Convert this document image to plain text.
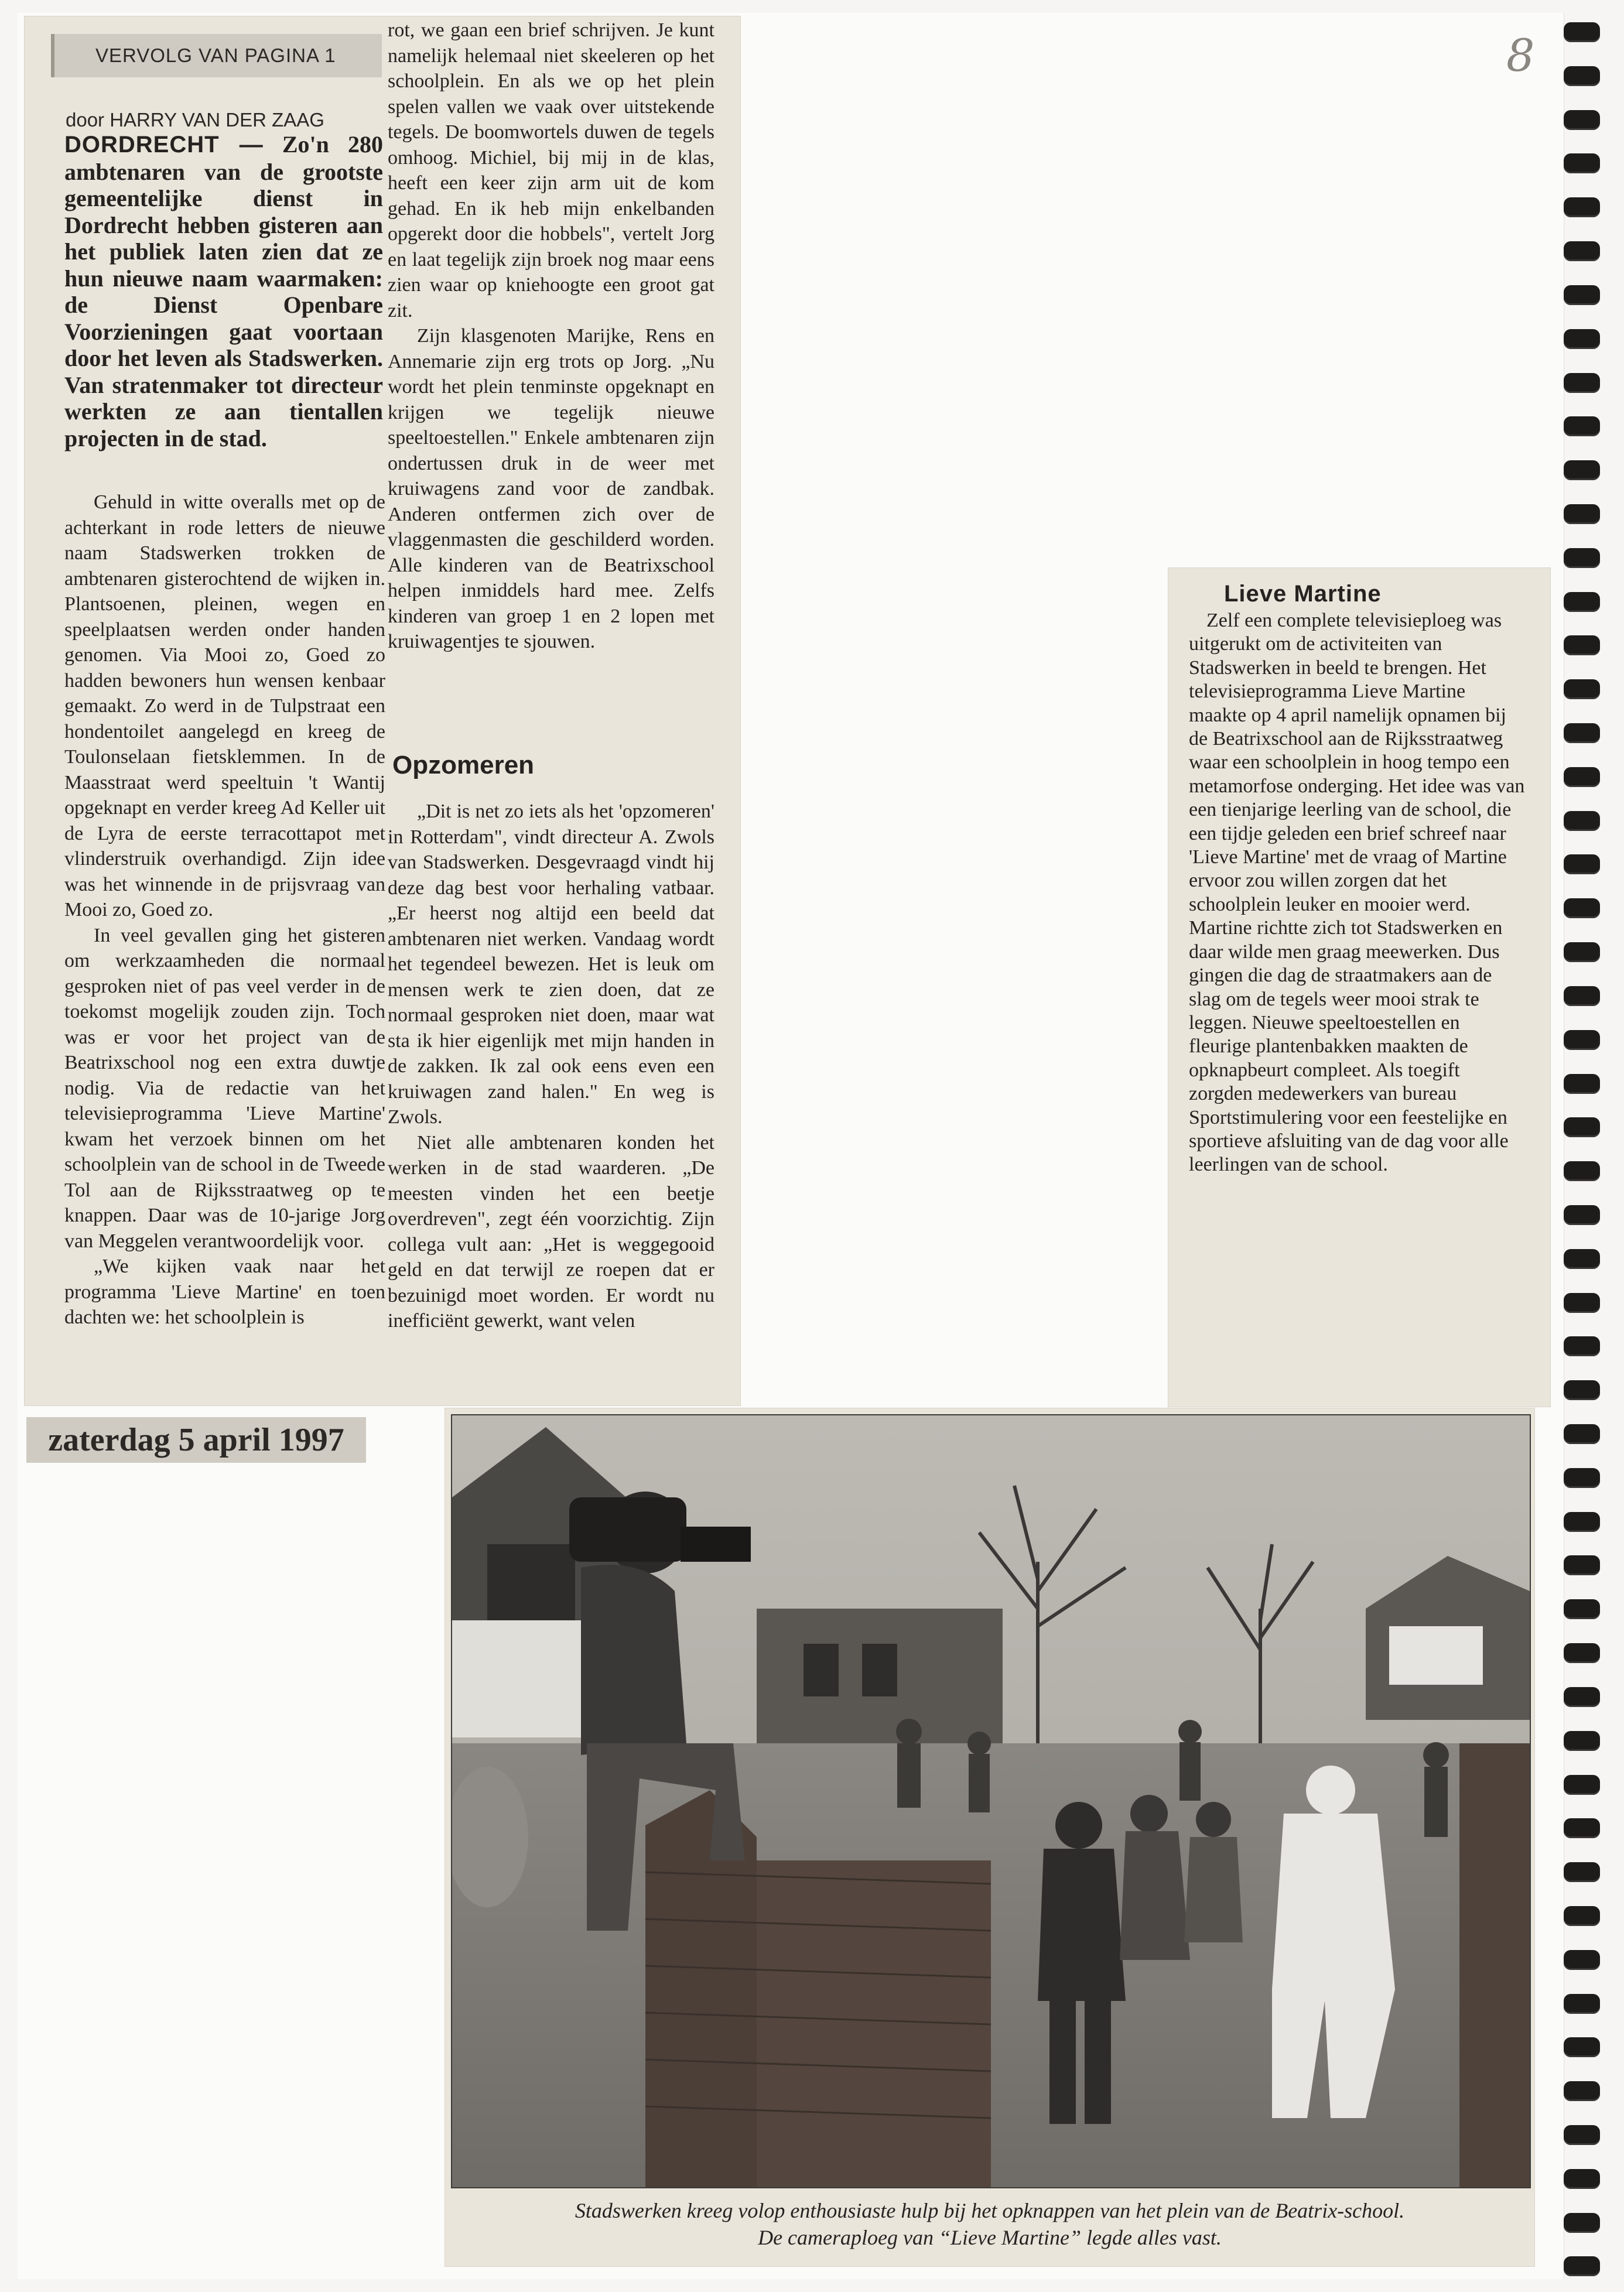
8
VERVOLG VAN PAGINA 1
door HARRY VAN DER ZAAG
DORDRECHT — Zo'n 280 ambtenaren van de grootste gemeentelijke dienst in Dordrecht hebben gisteren aan het publiek laten zien dat ze hun nieuwe naam waarmaken: de Dienst Openbare Voorzieningen gaat voortaan door het leven als Stadswerken. Van stratenmaker tot directeur werkten ze aan tientallen projecten in de stad.

Gehuld in witte overalls met op de achterkant in rode letters de nieuwe naam Stadswerken trokken de ambtenaren gisterochtend de wijken in. Plantsoenen, pleinen, wegen en speelplaatsen werden onder handen genomen. Via Mooi zo, Goed zo hadden bewoners hun wensen kenbaar gemaakt. Zo werd in de Tulpstraat een hondentoilet aangelegd en kreeg de Toulonselaan fietsklemmen. In de Maasstraat werd speeltuin 't Wantij opgeknapt en verder kreeg Ad Keller uit de Lyra de eerste terracottapot met vlinderstruik overhandigd. Zijn idee was het winnende in de prijsvraag van Mooi zo, Goed zo.

In veel gevallen ging het gisteren om werkzaamheden die normaal gesproken niet of pas veel verder in de toekomst mogelijk zouden zijn. Toch was er voor het project van de Beatrixschool nog een extra duwtje nodig. Via de redactie van het televisieprogramma 'Lieve Martine' kwam het verzoek binnen om het schoolplein van de school in de Tweede Tol aan de Rijksstraatweg op te knappen. Daar was de 10-jarige Jorg van Meggelen verantwoordelijk voor.

„We kijken vaak naar het programma 'Lieve Martine' en toen dachten we: het schoolplein is

rot, we gaan een brief schrijven. Je kunt namelijk helemaal niet skeeleren op het schoolplein. En als we op het plein spelen vallen we vaak over uitstekende tegels. De boomwortels duwen de tegels omhoog. Michiel, bij mij in de klas, heeft een keer zijn arm uit de kom gehad. En ik heb mijn enkelbanden opgerekt door die hobbels", vertelt Jorg en laat tegelijk zijn broek nog maar eens zien waar op kniehoogte een groot gat zit.

Zijn klasgenoten Marijke, Rens en Annemarie zijn erg trots op Jorg. „Nu wordt het plein tenminste opgeknapt en krijgen we tegelijk nieuwe speeltoestellen." Enkele ambtenaren zijn ondertussen druk in de weer met kruiwagens zand voor de zandbak. Anderen ontfermen zich over de vlaggenmasten die geschilderd worden. Alle kinderen van de Beatrixschool helpen inmiddels hard mee. Zelfs kinderen van groep 1 en 2 lopen met kruiwagentjes te sjouwen.

Opzomeren

„Dit is net zo iets als het 'opzomeren' in Rotterdam", vindt directeur A. Zwols van Stadswerken. Desgevraagd vindt hij deze dag best voor herhaling vatbaar. „Er heerst nog altijd een beeld dat ambtenaren niet werken. Vandaag wordt het tegendeel bewezen. Het is leuk om mensen werk te zien doen, dat ze normaal gesproken niet doen, maar wat sta ik hier eigenlijk met mijn handen in de zakken. Ik zal ook eens even een kruiwagen zand halen." En weg is Zwols.

Niet alle ambtenaren konden het werken in de stad waarderen. „De meesten vinden het een beetje overdreven", zegt één voorzichtig. Zijn collega vult aan: „Het is weggegooid geld en dat terwijl ze roepen dat er bezuinigd moet worden. Er wordt nu inefficiënt gewerkt, want velen

zaterdag 5 april 1997
Lieve Martine

Zelf een complete televisieploeg was uitgerukt om de activiteiten van Stadswerken in beeld te brengen. Het televisieprogramma Lieve Martine maakte op 4 april namelijk opnamen bij de Beatrixschool aan de Rijksstraatweg waar een schoolplein in hoog tempo een metamorfose onderging. Het idee was van een tienjarige leerling van de school, die een tijdje geleden een brief schreef naar 'Lieve Martine' met de vraag of Martine ervoor zou willen zorgen dat het schoolplein leuker en mooier werd. Martine richtte zich tot Stadswerken en daar wilde men graag meewerken. Dus gingen die dag de straatmakers aan de slag om de tegels weer mooi strak te leggen. Nieuwe speeltoestellen en fleurige plantenbakken maakten de opknapbeurt compleet. Als toegift zorgden medewerkers van bureau Sportstimulering voor een feestelijke en sportieve afsluiting van de dag voor alle leerlingen van de school.

Stadswerken kreeg volop enthousiaste hulp bij het opknappen van het plein van de Beatrix-school.
De cameraploeg van “Lieve Martine” legde alles vast.
